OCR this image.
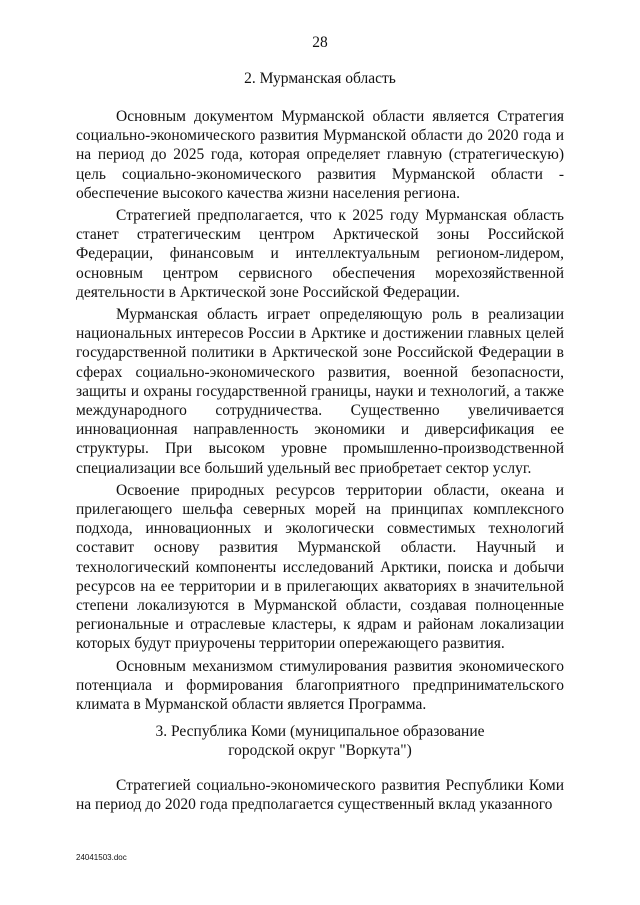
28
2. Мурманская область

Основным документом Мурманской области является Стратегия социально-экономического развития Мурманской области до 2020 года и на период до 2025 года, которая определяет главную (стратегическую) цель социально-экономического развития Мурманской области - обеспечение высокого качества жизни населения региона.

Стратегией предполагается, что к 2025 году Мурманская область станет стратегическим центром Арктической зоны Российской Федерации, финансовым и интеллектуальным регионом-лидером, основным центром сервисного обеспечения морехозяйственной деятельности в Арктической зоне Российской Федерации.

Мурманская область играет определяющую роль в реализации национальных интересов России в Арктике и достижении главных целей государственной политики в Арктической зоне Российской Федерации в сферах социально-экономического развития, военной безопасности, защиты и охраны государственной границы, науки и технологий, а также международного сотрудничества. Существенно увеличивается инновационная направленность экономики и диверсификация ее структуры. При высоком уровне промышленно-производственной специализации все больший удельный вес приобретает сектор услуг.

Освоение природных ресурсов территории области, океана и прилегающего шельфа северных морей на принципах комплексного подхода, инновационных и экологически совместимых технологий составит основу развития Мурманской области. Научный и технологический компоненты исследований Арктики, поиска и добычи ресурсов на ее территории и в прилегающих акваториях в значительной степени локализуются в Мурманской области, создавая полноценные региональные и отраслевые кластеры, к ядрам и районам локализации которых будут приурочены территории опережающего развития.

Основным механизмом стимулирования развития экономического потенциала и формирования благоприятного предпринимательского климата в Мурманской области является Программа.

3. Республика Коми (муниципальное образование
городской округ "Воркута")

Стратегией социально-экономического развития Республики Коми на период до 2020 года предполагается существенный вклад указанного

24041503.doc
